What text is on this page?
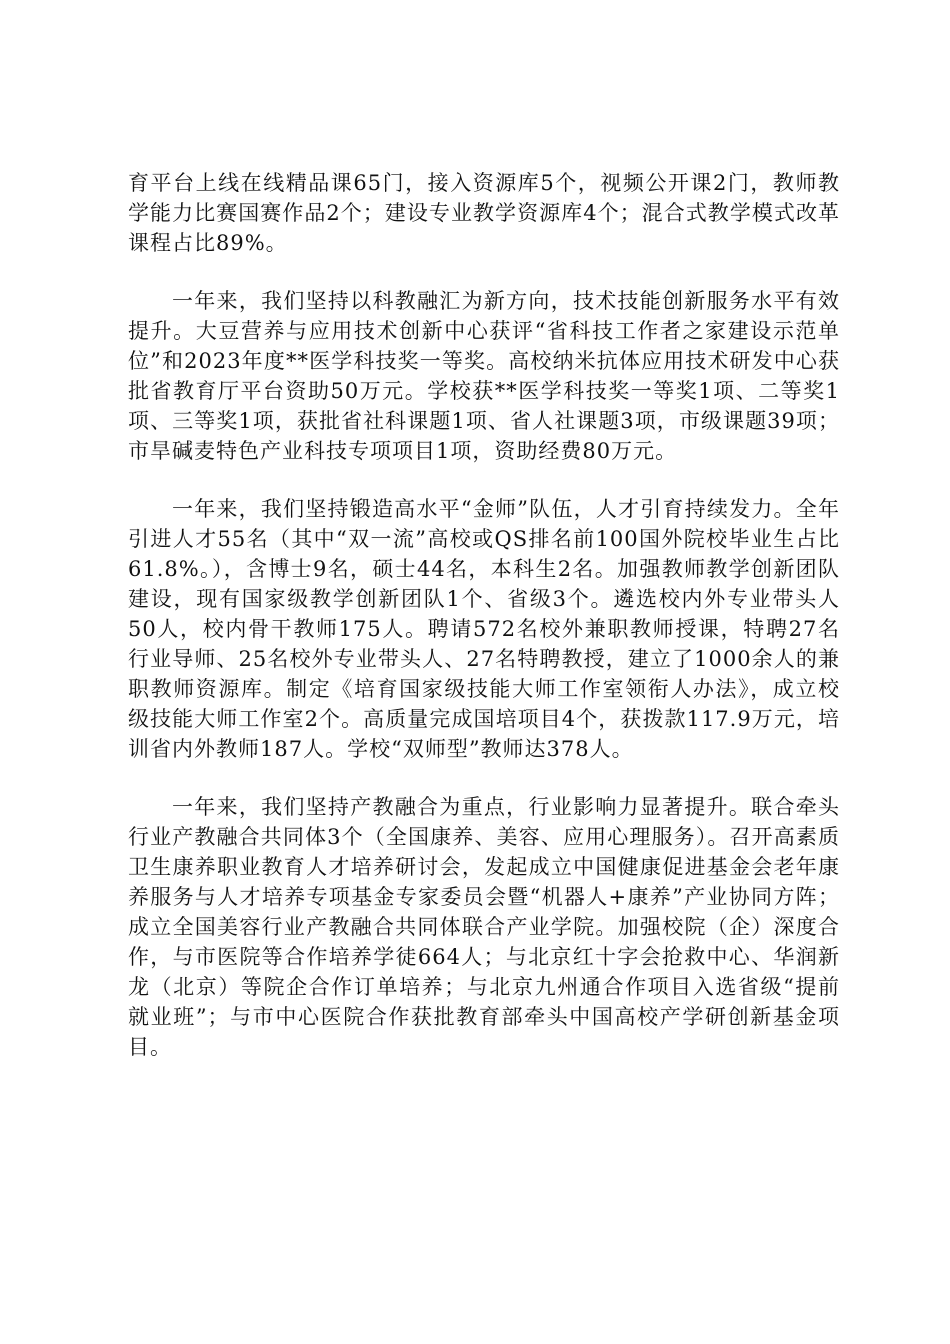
育平台上线在线精品课65门，接入资源库5个，视频公开课2门，教师教学能力比赛国赛作品2个；建设专业教学资源库4个；混合式教学模式改革课程占比89%。

一年来，我们坚持以科教融汇为新方向，技术技能创新服务水平有效提升。大豆营养与应用技术创新中心获评“省科技工作者之家建设示范单位”和2023年度**医学科技奖一等奖。高校纳米抗体应用技术研发中心获批省教育厅平台资助50万元。学校获**医学科技奖一等奖1项、二等奖1项、三等奖1项，获批省社科课题1项、省人社课题3项，市级课题39项；市旱碱麦特色产业科技专项项目1项，资助经费80万元。

一年来，我们坚持锻造高水平“金师”队伍，人才引育持续发力。全年引进人才55名（其中“双一流”高校或QS排名前100国外院校毕业生占比61.8%。），含博士9名，硕士44名，本科生2名。加强教师教学创新团队建设，现有国家级教学创新团队1个、省级3个。遴选校内外专业带头人50人，校内骨干教师175人。聘请572名校外兼职教师授课，特聘27名行业导师、25名校外专业带头人、27名特聘教授，建立了1000余人的兼职教师资源库。制定《培育国家级技能大师工作室领衔人办法》，成立校级技能大师工作室2个。高质量完成国培项目4个，获拨款117.9万元，培训省内外教师187人。学校“双师型”教师达378人。

一年来，我们坚持产教融合为重点，行业影响力显著提升。联合牵头行业产教融合共同体3个（全国康养、美容、应用心理服务）。召开高素质卫生康养职业教育人才培养研讨会，发起成立中国健康促进基金会老年康养服务与人才培养专项基金专家委员会暨“机器人+康养”产业协同方阵；成立全国美容行业产教融合共同体联合产业学院。加强校院（企）深度合作，与市医院等合作培养学徒664人；与北京红十字会抢救中心、华润新龙（北京）等院企合作订单培养；与北京九州通合作项目入选省级“提前就业班”；与市中心医院合作获批教育部牵头中国高校产学研创新基金项目。
